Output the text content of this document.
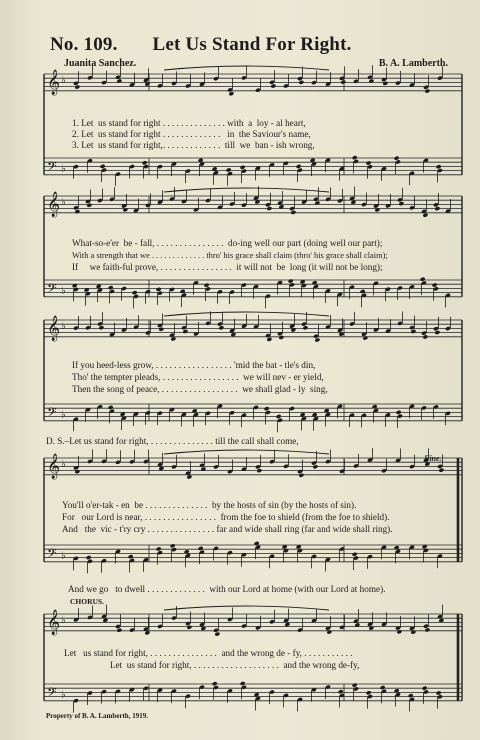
No. 109. Let Us Stand For Right.
Juanita Sanchez.	B. A. Lamberth.
𝄞 ♭
𝄢 ♭
𝄞 ♭
𝄢 ♭
𝄞 ♭
𝄢 ♭
𝄞 ♭
𝄢 ♭
𝄞 ♭
𝄢 ♭
1. Let  us stand for right . . . . . . . . . . . . . . with  a  loy - al heart,
2. Let  us stand for right . . . . . . . . . . . . .   in  the Saviour's name,
3. Let  us stand for right,. . . . . . . . . . . . .  till  we  ban - ish wrong,
What-so-e'er  be - fall, . . . . . . . . . . . . . . .  do-ing well our part (doing well our part);
With a strength that we . . . . . . . . . . . . . thro' his grace shall claim (thro' his grace shall claim);
If     we faith-ful prove, . . . . . . . . . . . . . . . .  it will not  be  long (it will not be long);
If you heed-less grow, . . . . . . . . . . . . . . . . . 'mid the bat - tle's din,
Tho' the tempter pleads, . . . . . . . . . . . . . . . . .  we will nev - er yield,
Then the song of peace, . . . . . . . . . . . . . . . . .  we shall glad - ly  sing,
D. S.–Let us stand for right, . . . . . . . . . . . . . . till the call shall come,
Fine.
You'll o'er-tak - en  be . . . . . . . . . . . . . .  by the hosts of sin (by the hosts of sin).
For   our Lord is near, . . . . . . . . . . . . . . . .  from the foe to shield (from the foe to shield).
And   the  vic - t'ry cry . . . . . . . . . . . . . . . far and wide shall ring (far and wide shall ring).
And we go   to dwell . . . . . . . . . . . . .  with our Lord at home (with our Lord at home).
CHORUS.
Let   us stand for right, . . . . . . . . . . . . . . .  and the wrong de - fy, . . . . . . . . . . .
Let  us stand for right, . . . . . . . . . . . . . . . . . . .  and the wrong de-fy,
Property of B. A. Lamberth, 1919.
